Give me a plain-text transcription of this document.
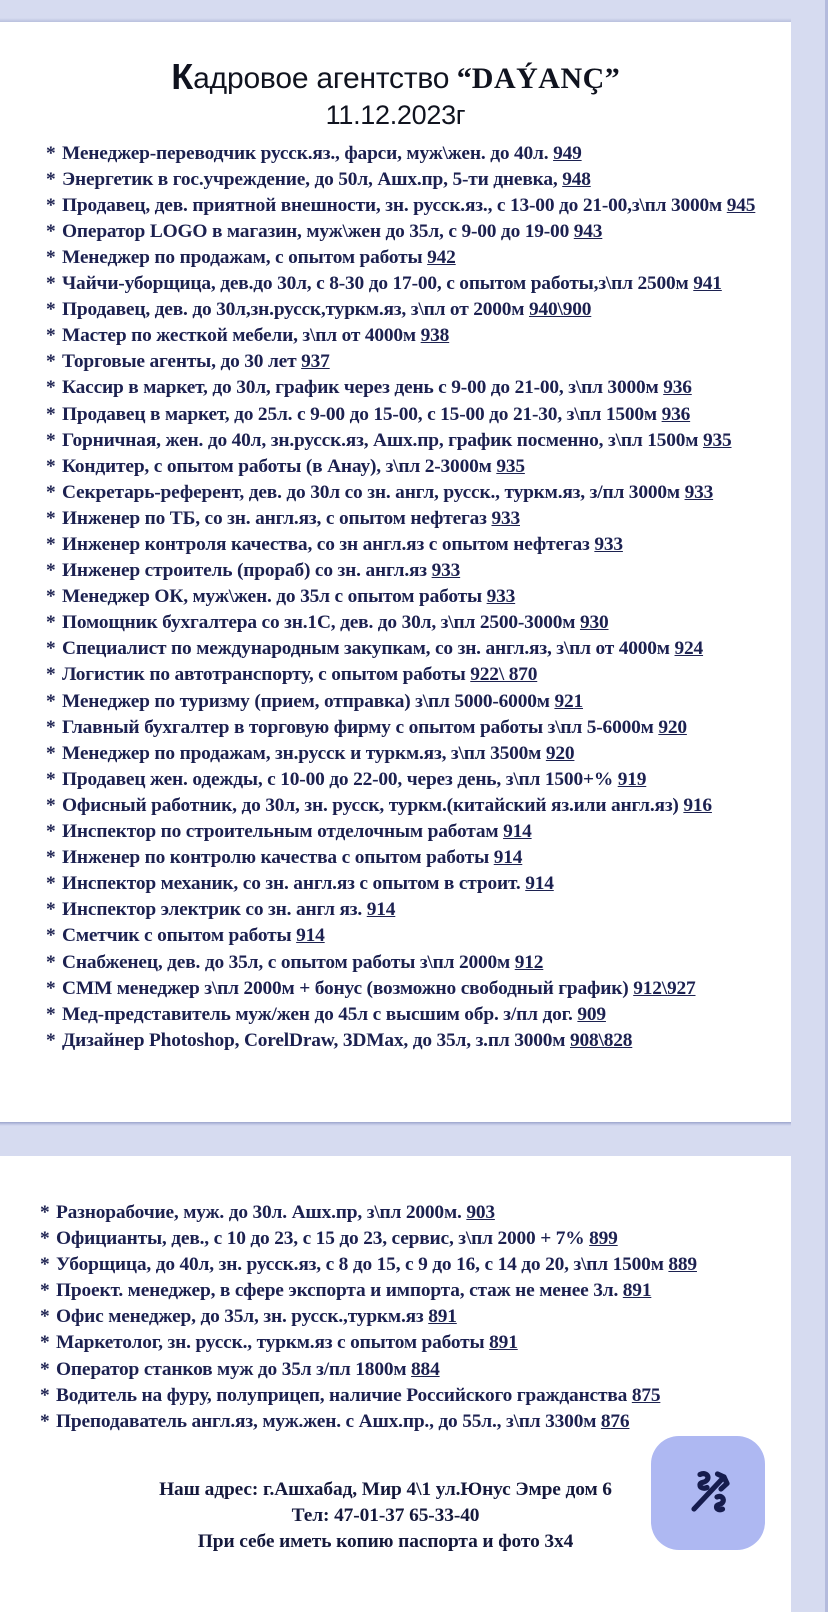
Кадровое агентство “DAÝANÇ”
11.12.2023г
* Менеджер-переводчик русск.яз., фарси, муж\жен. до 40л. 949
* Энергетик в гос.учреждение, до 50л, Ашх.пр, 5-ти дневка, 948
* Продавец, дев. приятной внешности, зн. русск.яз., с 13-00 до 21-00,з\пл 3000м 945
* Оператор LOGO в магазин, муж\жен до 35л, с 9-00 до 19-00 943
* Менеджер по продажам, с опытом работы 942
* Чайчи-уборщица, дев.до 30л, с 8-30 до 17-00, с опытом работы,з\пл 2500м 941
* Продавец, дев. до 30л,зн.русск,туркм.яз, з\пл от 2000м 940\900
* Мастер по жесткой мебели, з\пл от 4000м 938
* Торговые агенты, до 30 лет 937
* Кассир в маркет, до 30л, график через день с 9-00 до 21-00, з\пл 3000м 936
* Продавец в маркет, до 25л. с 9-00 до 15-00, с 15-00 до 21-30, з\пл 1500м 936
* Горничная, жен. до 40л, зн.русск.яз, Ашх.пр, график посменно, з\пл 1500м 935
* Кондитер, с опытом работы (в Анау), з\пл 2-3000м 935
* Секретарь-референт, дев. до 30л со зн. англ, русск., туркм.яз, з/пл 3000м 933
* Инженер по ТБ, со зн. англ.яз, с опытом нефтегаз 933
* Инженер контроля качества, со зн англ.яз с опытом нефтегаз 933
* Инженер строитель (прораб) со зн. англ.яз 933
* Менеджер ОК, муж\жен. до 35л с опытом работы 933
* Помощник бухгалтера со зн.1С, дев. до 30л, з\пл 2500-3000м 930
* Специалист по международным закупкам, со зн. англ.яз, з\пл от 4000м 924
* Логистик по автотранспорту, с опытом работы 922\ 870
* Менеджер по туризму (прием, отправка) з\пл 5000-6000м 921
* Главный бухгалтер в торговую фирму с опытом работы з\пл 5-6000м 920
* Менеджер по продажам, зн.русск и туркм.яз, з\пл 3500м 920
* Продавец жен. одежды, с 10-00 до 22-00, через день, з\пл 1500+% 919
* Офисный работник, до 30л, зн. русск, туркм.(китайский яз.или англ.яз) 916
* Инспектор по строительным отделочным работам 914
* Инженер по контролю качества с опытом работы 914
* Инспектор механик, со зн. англ.яз с опытом в строит. 914
* Инспектор электрик со зн. англ яз. 914
* Сметчик с опытом работы 914
* Снабженец, дев. до 35л, с опытом работы з\пл 2000м 912
* СММ менеджер з\пл 2000м + бонус (возможно свободный график) 912\927
* Мед-представитель муж/жен до 45л с высшим обр. з/пл дог. 909
* Дизайнер Photoshop, CorelDraw, 3DMax, до 35л, з.пл 3000м 908\828
* Разнорабочие, муж. до 30л. Ашх.пр, з\пл 2000м. 903
* Официанты, дев., с 10 до 23, с 15 до 23, сервис, з\пл 2000 + 7% 899
* Уборщица, до 40л, зн. русск.яз, с 8 до 15, с 9 до 16, с 14 до 20, з\пл 1500м 889
* Проект. менеджер, в сфере экспорта и импорта, стаж не менее 3л. 891
* Офис менеджер, до 35л, зн. русск.,туркм.яз 891
* Маркетолог, зн. русск., туркм.яз с опытом работы 891
* Оператор станков муж до 35л з/пл 1800м 884
* Водитель на фуру, полуприцеп, наличие Российского гражданства 875
* Преподаватель англ.яз, муж.жен. с Ашх.пр., до 55л., з\пл 3300м 876
Наш адрес: г.Ашхабад, Мир 4\1 ул.Юнус Эмре дом 6
Тел: 47-01-37 65-33-40
При себе иметь копию паспорта и фото 3х4
